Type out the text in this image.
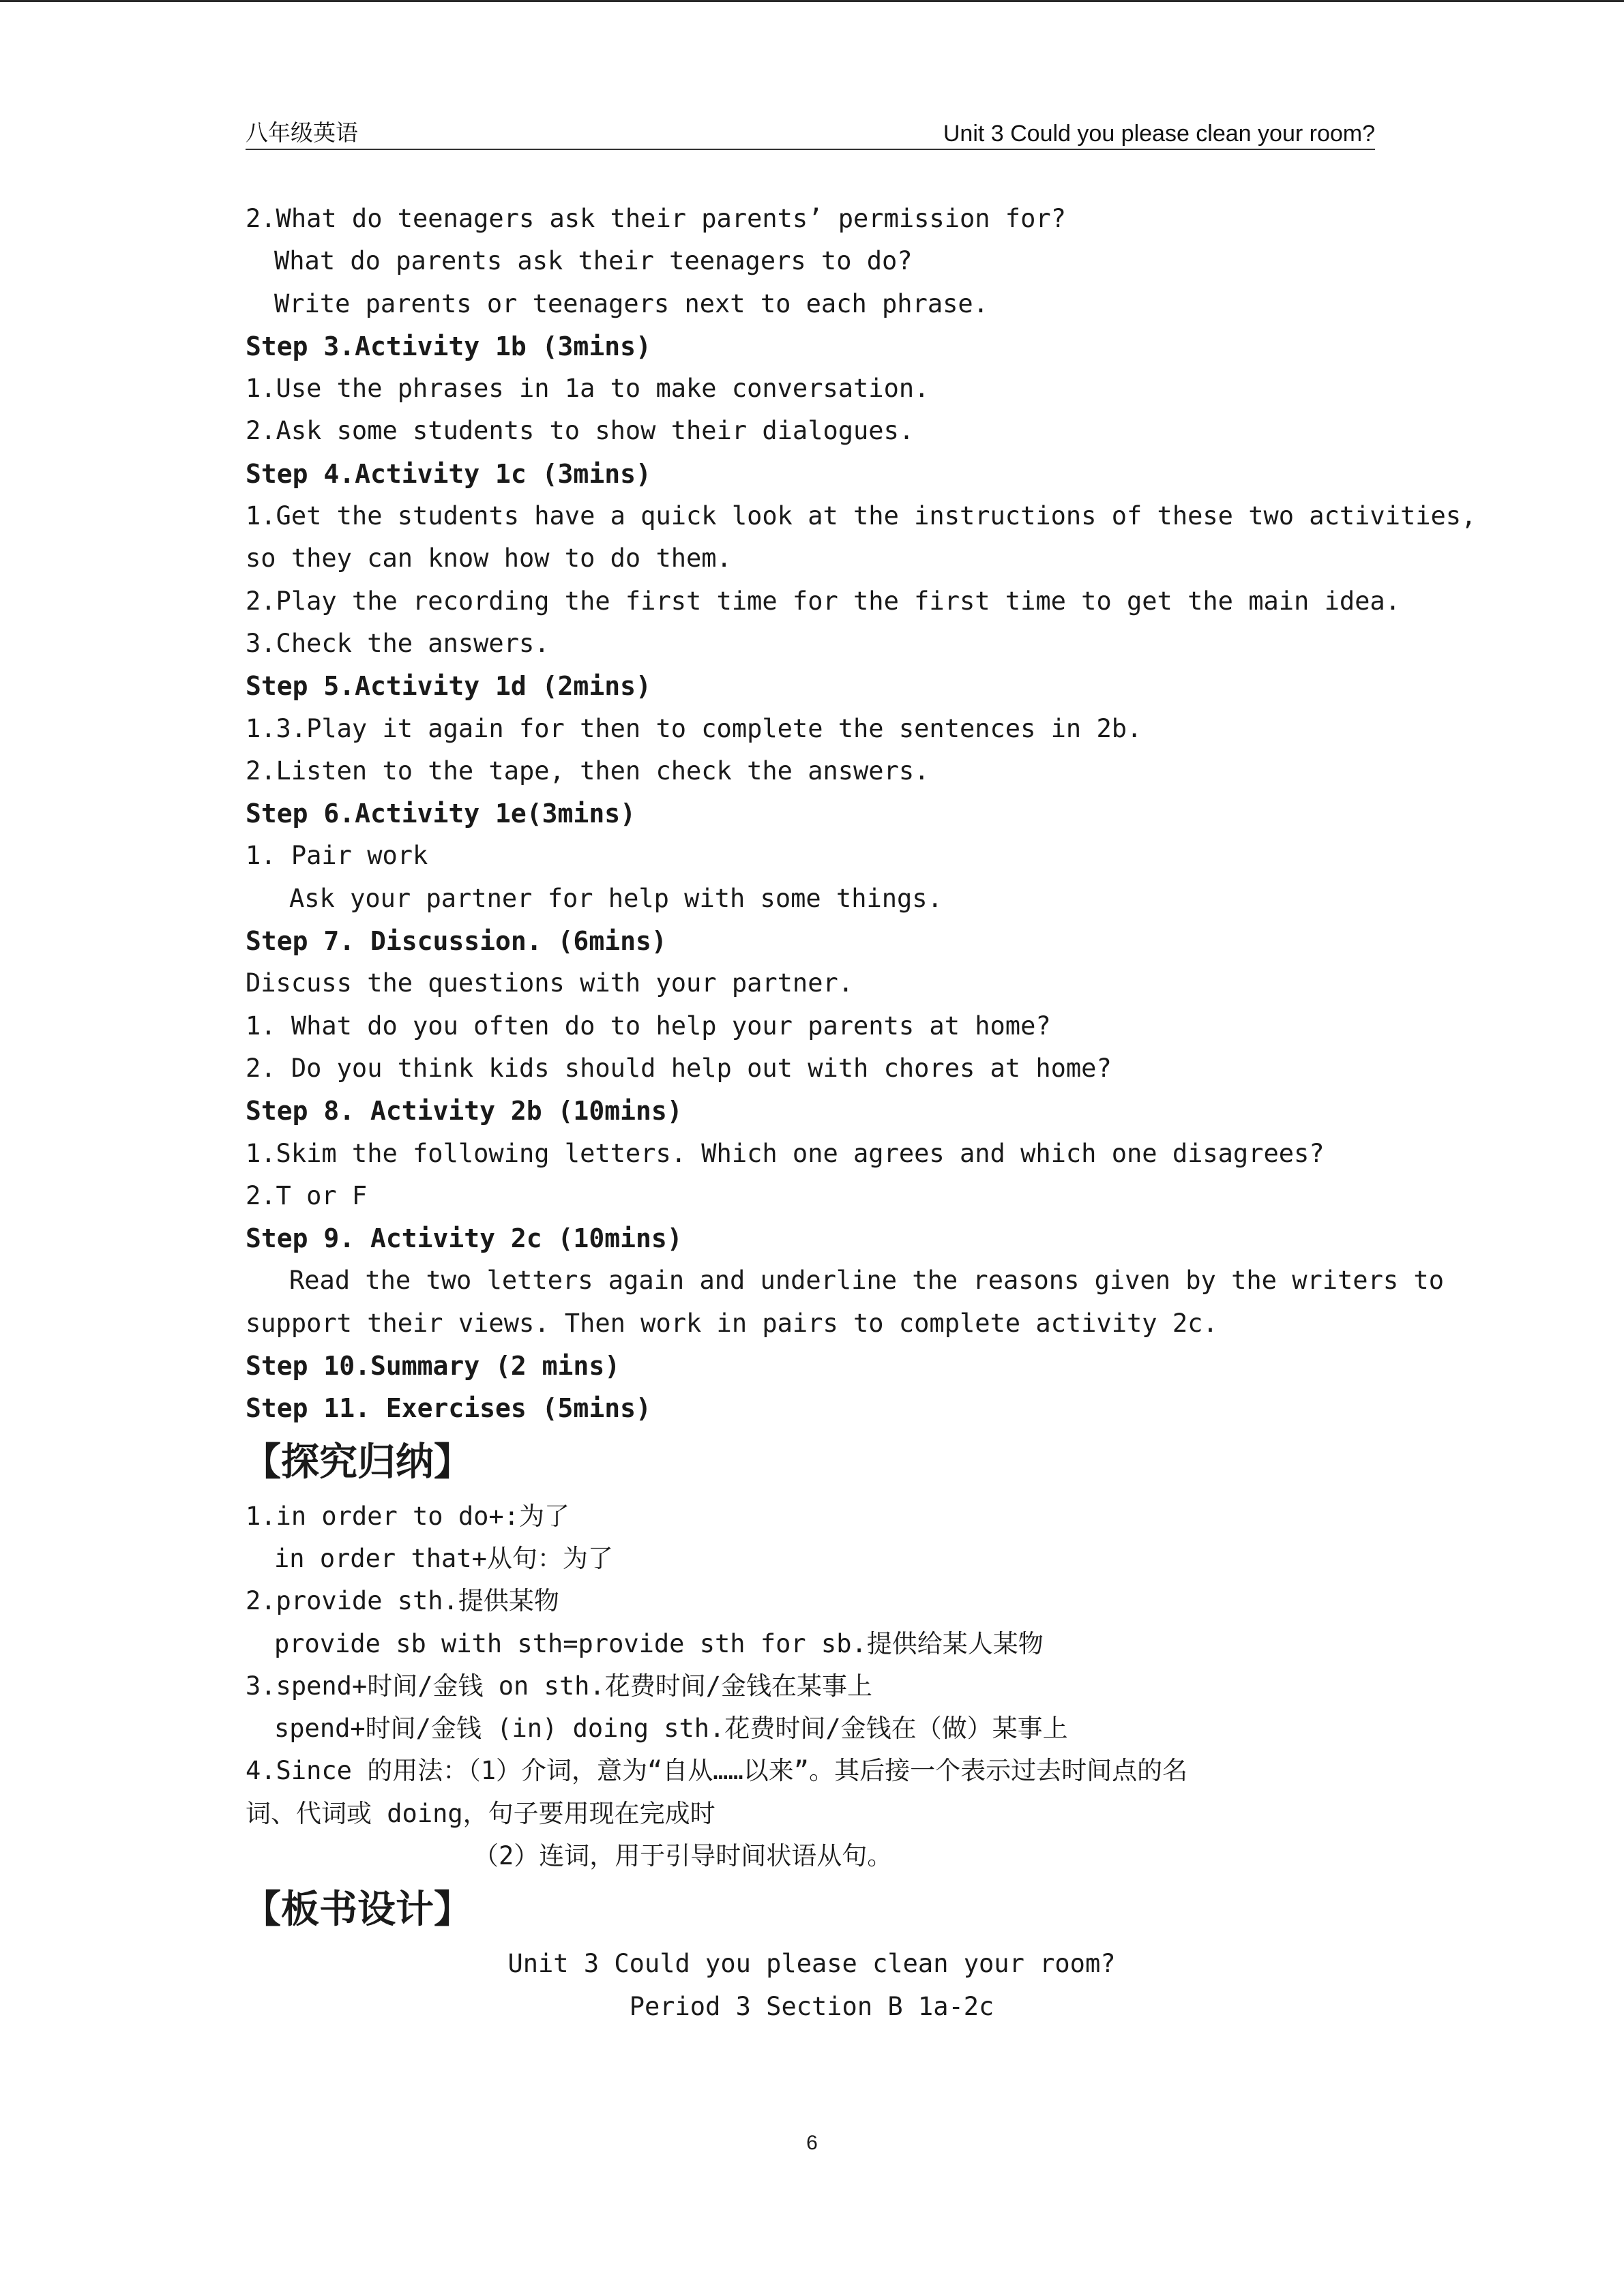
八年级英语	Unit 3 Could you please clean your room?
2.What do teenagers ask their parents’ permission for?
What do parents ask their teenagers to do?
Write parents or teenagers next to each phrase.
Step 3.Activity 1b (3mins)
1.Use the phrases in 1a to make conversation.
2.Ask some students to show their dialogues.
Step 4.Activity 1c (3mins)
1.Get the students have a quick look at the instructions of these two activities,
so they can know how to do them.
2.Play the recording the first time for the first time to get the main idea.
3.Check the answers.
Step 5.Activity 1d (2mins)
1.3.Play it again for then to complete the sentences in 2b.
2.Listen to the tape, then check the answers.
Step 6.Activity 1e(3mins)
1. Pair work
Ask your partner for help with some things.
Step 7. Discussion. (6mins)
Discuss the questions with your partner.
1. What do you often do to help your parents at home?
2. Do you think kids should help out with chores at home?
Step 8. Activity 2b (10mins)
1.Skim the following letters. Which one agrees and which one disagrees?
2.T or F
Step 9. Activity 2c (10mins)
Read the two letters again and underline the reasons given by the writers to
support their views. Then work in pairs to complete activity 2c.
Step 10.Summary (2 mins)
Step 11. Exercises (5mins)
【探究归纳】
1.in order to do+:为了
in order that+从句：为了
2.provide sth.提供某物
provide sb with sth=provide sth for sb.提供给某人某物
3.spend+时间/金钱 on sth.花费时间/金钱在某事上
spend+时间/金钱 (in) doing sth.花费时间/金钱在（做）某事上
4.Since 的用法：（1）介词，意为“自从……以来”。其后接一个表示过去时间点的名
词、代词或 doing，句子要用现在完成时
（2）连词，用于引导时间状语从句。
【板书设计】
Unit 3 Could you please clean your room?
Period 3 Section B 1a-2c
6
